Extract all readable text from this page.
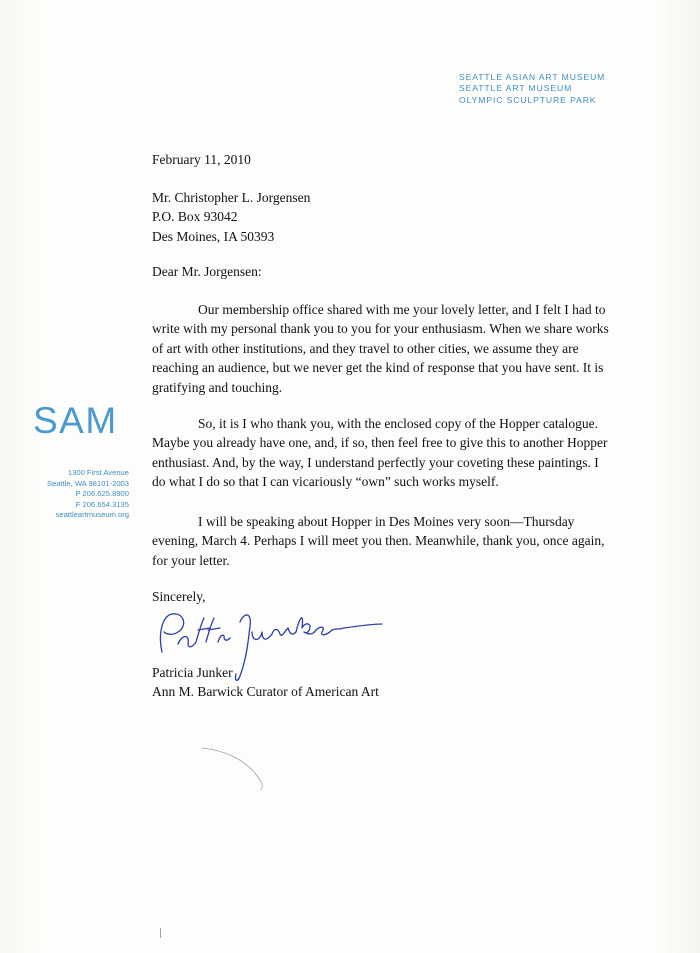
SEATTLE ASIAN ART MUSEUM
SEATTLE ART MUSEUM
OLYMPIC SCULPTURE PARK
SAM
1300 First Avenue
Seattle, WA 98101-2003
P 206.625.8900
F 206.654.3135
seattleartmuseum.org
February 11, 2010
Mr. Christopher L. Jorgensen
P.O. Box 93042
Des Moines, IA 50393
Dear Mr. Jorgensen:
Our membership office shared with me your lovely letter, and I felt I had to
write with my personal thank you to you for your enthusiasm. When we share works
of art with other institutions, and they travel to other cities, we assume they are
reaching an audience, but we never get the kind of response that you have sent. It is
gratifying and touching.
So, it is I who thank you, with the enclosed copy of the Hopper catalogue.
Maybe you already have one, and, if so, then feel free to give this to another Hopper
enthusiast. And, by the way, I understand perfectly your coveting these paintings. I
do what I do so that I can vicariously “own” such works myself.
I will be speaking about Hopper in Des Moines very soon—Thursday
evening, March 4. Perhaps I will meet you then. Meanwhile, thank you, once again,
for your letter.
Sincerely,
Patricia Junker
Ann M. Barwick Curator of American Art
